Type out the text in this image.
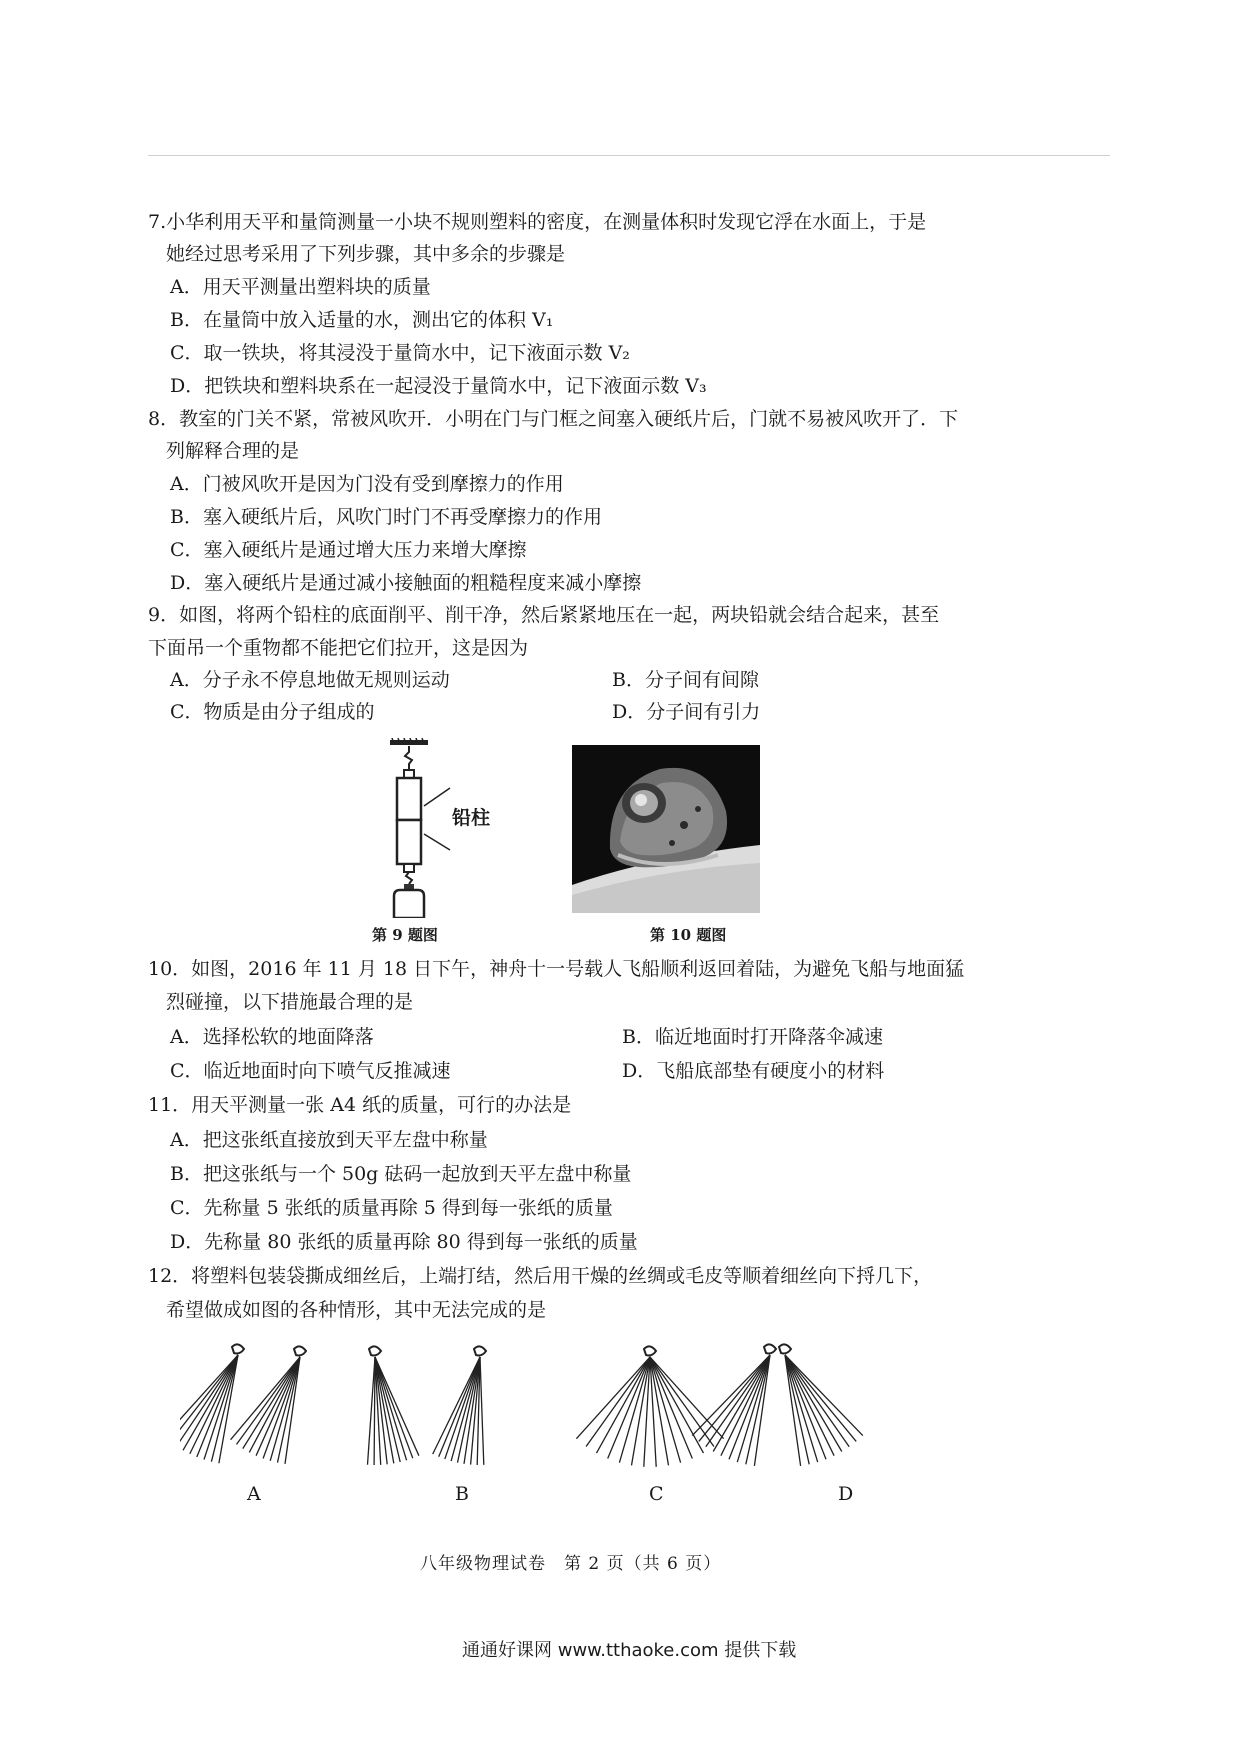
7.小华利用天平和量筒测量一小块不规则塑料的密度，在测量体积时发现它浮在水面上，于是
她经过思考采用了下列步骤，其中多余的步骤是
A．用天平测量出塑料块的质量
B．在量筒中放入适量的水，测出它的体积 V₁
C．取一铁块，将其浸没于量筒水中，记下液面示数 V₂
D．把铁块和塑料块系在一起浸没于量筒水中，记下液面示数 V₃
8．教室的门关不紧，常被风吹开．小明在门与门框之间塞入硬纸片后，门就不易被风吹开了．下
列解释合理的是
A．门被风吹开是因为门没有受到摩擦力的作用
B．塞入硬纸片后，风吹门时门不再受摩擦力的作用
C．塞入硬纸片是通过增大压力来增大摩擦
D．塞入硬纸片是通过减小接触面的粗糙程度来减小摩擦
9．如图，将两个铅柱的底面削平、削干净，然后紧紧地压在一起，两块铅就会结合起来，甚至
下面吊一个重物都不能把它们拉开，这是因为
A．分子永不停息地做无规则运动	B．分子间有间隙
C．物质是由分子组成的	D．分子间有引力
铅柱
第 9 题图	第 10 题图
10．如图，2016 年 11 月 18 日下午，神舟十一号载人飞船顺利返回着陆，为避免飞船与地面猛
烈碰撞，以下措施最合理的是
A．选择松软的地面降落	B．临近地面时打开降落伞减速
C．临近地面时向下喷气反推减速	D．飞船底部垫有硬度小的材料
11．用天平测量一张 A4 纸的质量，可行的办法是
A．把这张纸直接放到天平左盘中称量
B．把这张纸与一个 50g 砝码一起放到天平左盘中称量
C．先称量 5 张纸的质量再除 5 得到每一张纸的质量
D．先称量 80 张纸的质量再除 80 得到每一张纸的质量
12．将塑料包装袋撕成细丝后，上端打结，然后用干燥的丝绸或毛皮等顺着细丝向下捋几下，
希望做成如图的各种情形，其中无法完成的是
A	B	C	D
八年级物理试卷　第 2 页（共 6 页）
通通好课网 www.tthaoke.com 提供下载
